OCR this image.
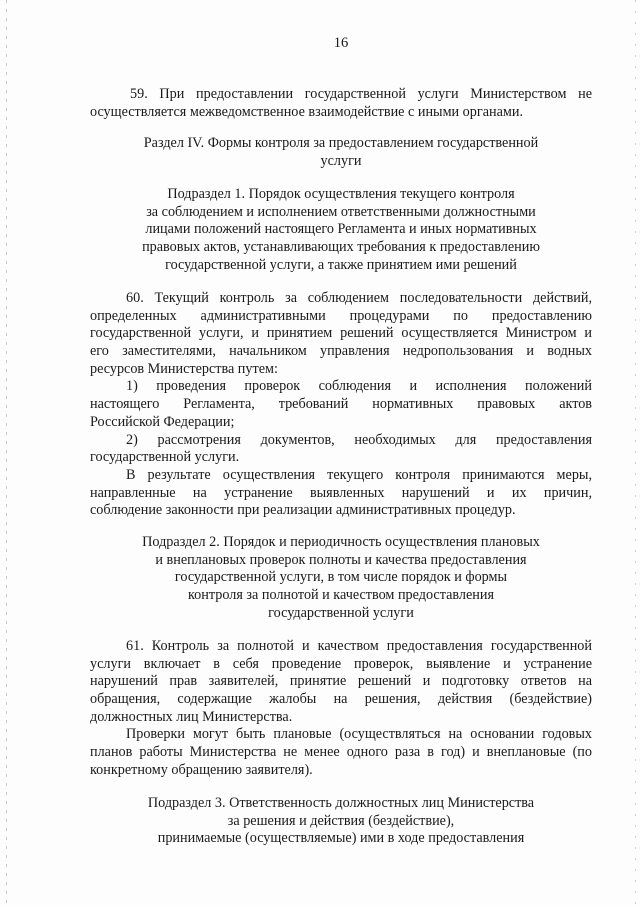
16
59. При предоставлении государственной услуги Министерством не
осуществляется межведомственное взаимодействие с иными органами.
Раздел IV. Формы контроля за предоставлением государственной
услуги
Подраздел 1. Порядок осуществления текущего контроля
за соблюдением и исполнением ответственными должностными
лицами положений настоящего Регламента и иных нормативных
правовых актов, устанавливающих требования к предоставлению
государственной услуги, а также принятием ими решений
60. Текущий контроль за соблюдением последовательности действий,
определенных административными процедурами по предоставлению
государственной услуги, и принятием решений осуществляется Министром и
его заместителями, начальником управления недропользования и водных
ресурсов Министерства путем:
1) проведения проверок соблюдения и исполнения положений
настоящего Регламента, требований нормативных правовых актов
Российской Федерации;
2) рассмотрения документов, необходимых для предоставления
государственной услуги.
В результате осуществления текущего контроля принимаются меры,
направленные на устранение выявленных нарушений и их причин,
соблюдение законности при реализации административных процедур.
Подраздел 2. Порядок и периодичность осуществления плановых
и внеплановых проверок полноты и качества предоставления
государственной услуги, в том числе порядок и формы
контроля за полнотой и качеством предоставления
государственной услуги
61. Контроль за полнотой и качеством предоставления государственной
услуги включает в себя проведение проверок, выявление и устранение
нарушений прав заявителей, принятие решений и подготовку ответов на
обращения, содержащие жалобы на решения, действия (бездействие)
должностных лиц Министерства.
Проверки могут быть плановые (осуществляться на основании годовых
планов работы Министерства не менее одного раза в год) и внеплановые (по
конкретному обращению заявителя).
Подраздел 3. Ответственность должностных лиц Министерства
за решения и действия (бездействие),
принимаемые (осуществляемые) ими в ходе предоставления
